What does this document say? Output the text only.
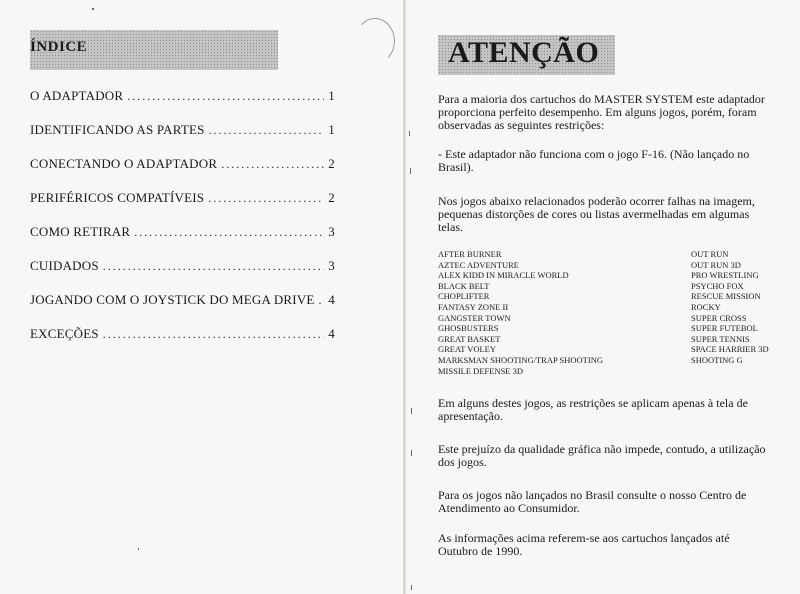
ÍNDICE
O ADAPTADOR .....	1
IDENTIFICANDO AS PARTES .....	1
CONECTANDO O ADAPTADOR .....	2
PERIFÉRICOS COMPATÍVEIS .....	2
COMO RETIRAR .....	3
CUIDADOS .....	3
JOGANDO COM O JOYSTICK DO MEGA DRIVE ..... 4
EXCEÇÕES .....	4
ATENÇÃO
Para a maioria dos cartuchos do MASTER SYSTEM este adaptador proporciona perfeito desempenho. Em alguns jogos, porém, foram observadas as seguintes restrições:
- Este adaptador não funciona com o jogo F-16. (Não lançado no Brasil).
Nos jogos abaixo relacionados poderão ocorrer falhas na imagem, pequenas distorções de cores ou listas avermelhadas em algumas telas.
AFTER BURNER
AZTEC ADVENTURE
ALEX KIDD IN MIRACLE WORLD
BLACK BELT
CHOPLIFTER
FANTASY ZONE II
GANGSTER TOWN
GHOSBUSTERS
GREAT BASKET
GREAT VOLEY
MARKSMAN SHOOTING/TRAP SHOOTING
MISSILE DEFENSE 3D
OUT RUN
OUT RUN 3D
PRO WRESTLING
PSYCHO FOX
RESCUE MISSION
ROCKY
SUPER CROSS
SUPER FUTEBOL
SUPER TENNIS
SPACE HARRIER 3D
SHOOTING G
Em alguns destes jogos, as restrições se aplicam apenas à tela de apresentação.
Este prejuízo da qualidade gráfica não impede, contudo, a utilização dos jogos.
Para os jogos não lançados no Brasil consulte o nosso Centro de Atendimento ao Consumidor.
As informações acima referem-se aos cartuchos lançados até Outubro de 1990.
